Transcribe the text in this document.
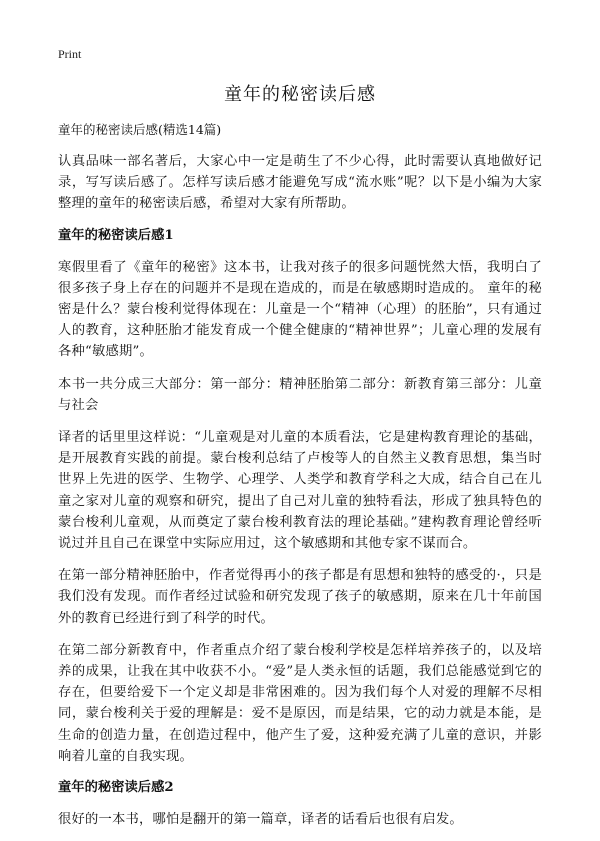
Print
童年的秘密读后感
童年的秘密读后感(精选14篇)

认真品味一部名著后，大家心中一定是萌生了不少心得，此时需要认真地做好记录，写写读后感了。怎样写读后感才能避免写成“流水账”呢？以下是小编为大家整理的童年的秘密读后感，希望对大家有所帮助。

童年的秘密读后感1

寒假里看了《童年的秘密》这本书，让我对孩子的很多问题恍然大悟，我明白了很多孩子身上存在的问题并不是现在造成的，而是在敏感期时造成的。 童年的秘密是什么？蒙台梭利觉得体现在：儿童是一个“精神（心理）的胚胎”，只有通过人的教育，这种胚胎才能发育成一个健全健康的“精神世界”；儿童心理的发展有各种“敏感期”。

本书一共分成三大部分：第一部分：精神胚胎第二部分：新教育第三部分：儿童与社会

译者的话里里这样说：“儿童观是对儿童的本质看法，它是建构教育理论的基础，是开展教育实践的前提。蒙台梭利总结了卢梭等人的自然主义教育思想，集当时世界上先进的医学、生物学、心理学、人类学和教育学科之大成，结合自己在儿童之家对儿童的观察和研究，提出了自己对儿童的独特看法，形成了独具特色的蒙台梭利儿童观，从而奠定了蒙台梭利教育法的理论基础。”建构教育理论曾经听说过并且自己在课堂中实际应用过，这个敏感期和其他专家不谋而合。

在第一部分精神胚胎中，作者觉得再小的孩子都是有思想和独特的感受的·，只是我们没有发现。而作者经过试验和研究发现了孩子的敏感期，原来在几十年前国外的教育已经进行到了科学的时代。

在第二部分新教育中，作者重点介绍了蒙台梭利学校是怎样培养孩子的，以及培养的成果，让我在其中收获不小。“爱”是人类永恒的话题，我们总能感觉到它的存在，但要给爱下一个定义却是非常困难的。因为我们每个人对爱的理解不尽相同，蒙台梭利关于爱的理解是：爱不是原因，而是结果，它的动力就是本能，是生命的创造力量，在创造过程中，他产生了爱，这种爱充满了儿童的意识，并影响着儿童的自我实现。

童年的秘密读后感2

很好的一本书，哪怕是翻开的第一篇章，译者的话看后也很有启发。
